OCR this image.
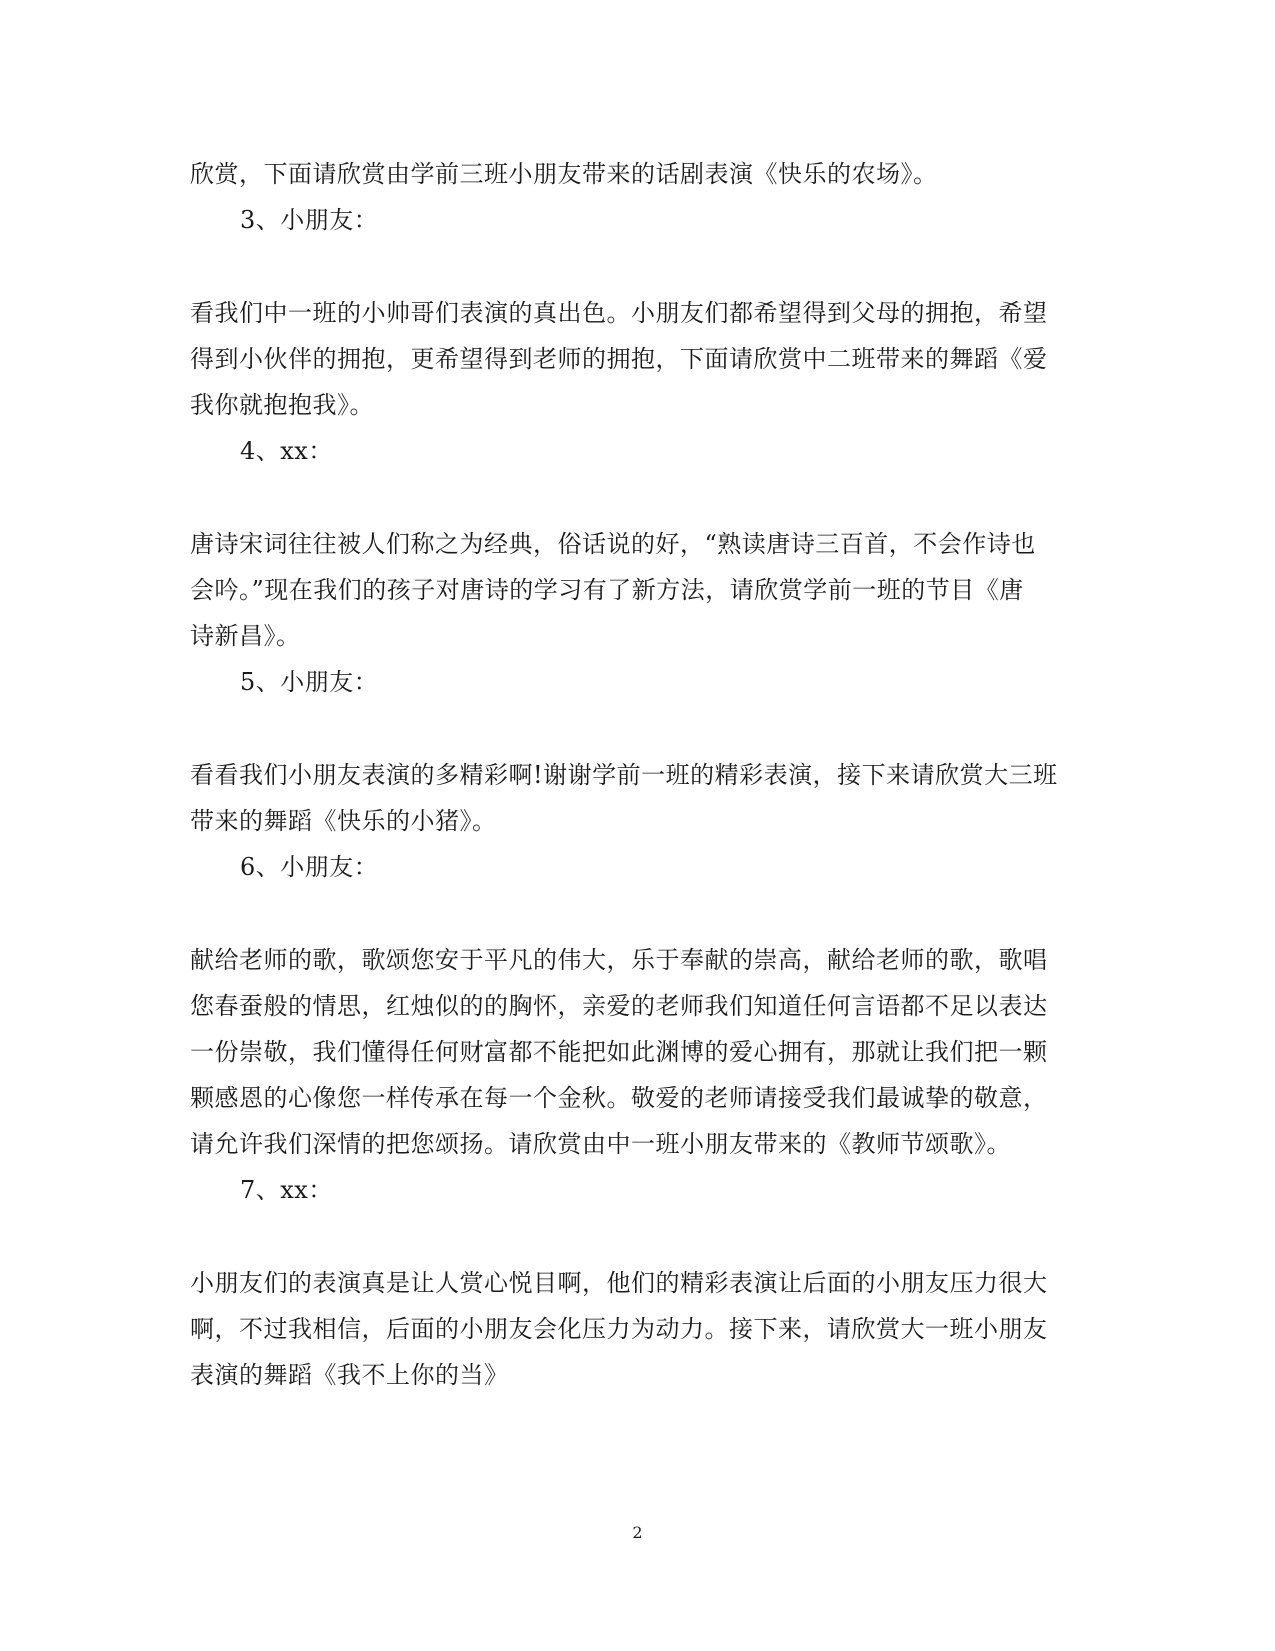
欣赏，下面请欣赏由学前三班小朋友带来的话剧表演《快乐的农场》。
3、小朋友：
看我们中一班的小帅哥们表演的真出色。小朋友们都希望得到父母的拥抱，希望
得到小伙伴的拥抱，更希望得到老师的拥抱，下面请欣赏中二班带来的舞蹈《爱
我你就抱抱我》。
4、xx：
唐诗宋词往往被人们称之为经典，俗话说的好，“熟读唐诗三百首，不会作诗也
会吟。”现在我们的孩子对唐诗的学习有了新方法，请欣赏学前一班的节目《唐
诗新昌》。
5、小朋友：
看看我们小朋友表演的多精彩啊!谢谢学前一班的精彩表演，接下来请欣赏大三班
带来的舞蹈《快乐的小猪》。
6、小朋友：
献给老师的歌，歌颂您安于平凡的伟大，乐于奉献的崇高，献给老师的歌，歌唱
您春蚕般的情思，红烛似的的胸怀，亲爱的老师我们知道任何言语都不足以表达
一份崇敬，我们懂得任何财富都不能把如此渊博的爱心拥有，那就让我们把一颗
颗感恩的心像您一样传承在每一个金秋。敬爱的老师请接受我们最诚挚的敬意，
请允许我们深情的把您颂扬。请欣赏由中一班小朋友带来的《教师节颂歌》。
7、xx：
小朋友们的表演真是让人赏心悦目啊，他们的精彩表演让后面的小朋友压力很大
啊，不过我相信，后面的小朋友会化压力为动力。接下来，请欣赏大一班小朋友
表演的舞蹈《我不上你的当》
2
